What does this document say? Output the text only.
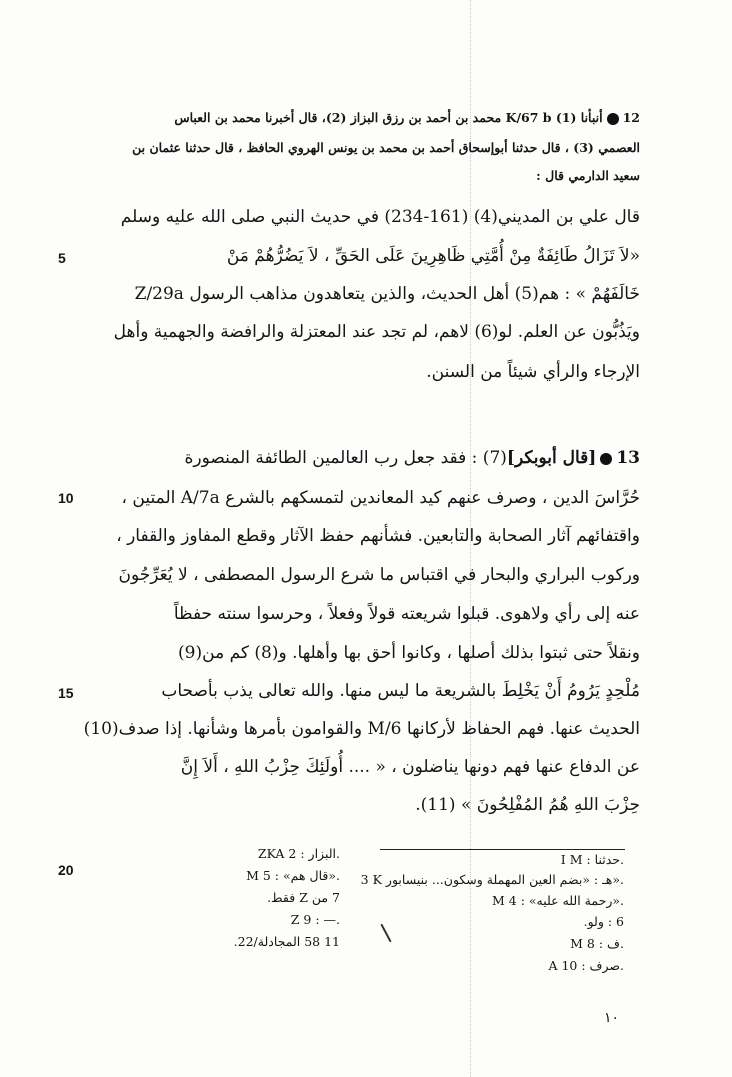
12أنبأنا (1) K/67 b محمد بن أحمد بن رزق البزاز (2)، قال أخبرنا محمد بن العباس
العصمي (3) ، قال حدثنا أبوإسحاق أحمد بن محمد بن يونس الهروي الحافظ ، قال حدثنا عثمان بن
سعيد الدارمي قال :
قال علي بن المديني(4) (161-234) في حديث النبي صلى الله عليه وسلم
«لاَ تَزَالُ طَائِفَةٌ مِنْ أُمَّتِي ظَاهِرِينَ عَلَى الحَقِّ ، لاَ يَضُرُّهُمْ مَنْ
خَالَفَهُمْ » : هم(5) أهل الحديث، والذين يتعاهدون مذاهب الرسول Z/29a
ويَذُبُّون عن العلم. لو(6) لاهم، لم تجد عند المعتزلة والرافضة والجهمية وأهل
الإرجاء والرأي شيئاً من السنن.
13[قال أبوبكر](7) : فقد جعل رب العالمين الطائفة المنصورة
حُرَّاسَ الدين ، وصرف عنهم كيد المعاندين لتمسكهم بالشرع A/7a المتين ،
واقتفائهم آثار الصحابة والتابعين. فشأنهم حفظ الآثار وقطع المفاوز والقفار ،
وركوب البراري والبحار في اقتباس ما شرع الرسول المصطفى ، لا يُعَرِّجُونَ
عنه إلى رأي ولاهوى. قبلوا شريعته قولاً وفعلاً ، وحرسوا سنته حفظاً
ونقلاً حتى ثبتوا بذلك أصلها ، وكانوا أحق بها وأهلها. و(8) كم من(9)
مُلْحِدٍ يَرُومُ أَنْ يَخْلِطَ بالشريعة ما ليس منها. والله تعالى يذب بأصحاب
الحديث عنها. فهم الحفاظ لأركانها M/6 والقوامون بأمرها وشأنها. إذا صدف(10)
عن الدفاع عنها فهم دونها يناضلون ، « .... أُولَئِكَ حِزْبُ اللهِ ، أَلاَ إِنَّ
حِزْبَ اللهِ هُمُ المُفْلِحُونَ » (11).
5
10
15
20
I M : حدثنا.
3 K هـ : «بضم العين المهملة وسكون... بنيسابور».
M 4 : «رحمة الله عليه».
6 : ولو.
M 8 : ف.
A 10 : صرف.
ZKA 2 : البزار.
M 5 : «قال هم».
7 من Z فقط.
Z 9 : —.
11 58 المجادلة/22.
١٠
